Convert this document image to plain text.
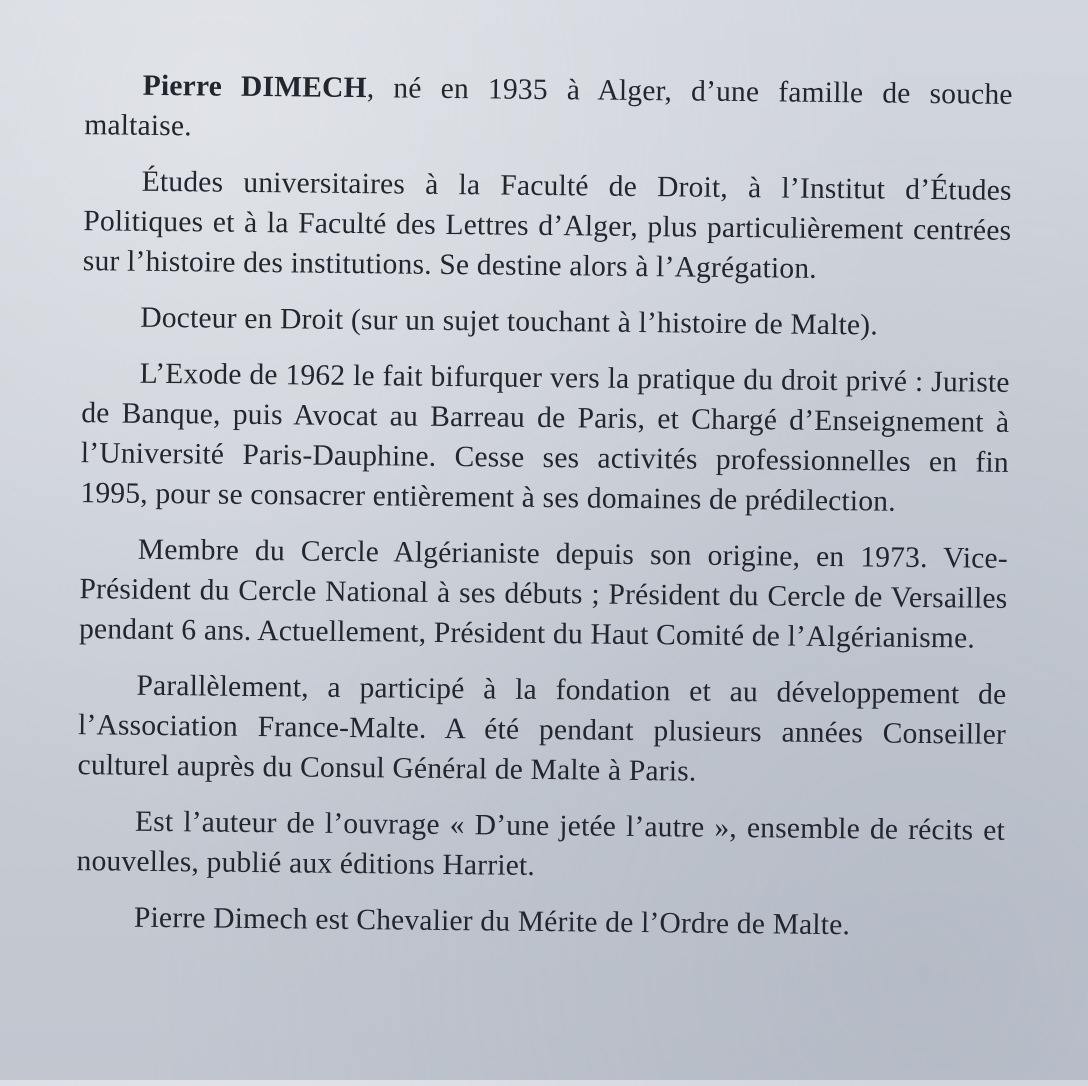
Pierre DIMECH, né en 1935 à Alger, d’une famille de souche maltaise.

Études universitaires à la Faculté de Droit, à l’Institut d’Études Politiques et à la Faculté des Lettres d’Alger, plus particulièrement centrées sur l’histoire des institutions. Se destine alors à l’Agrégation.

Docteur en Droit (sur un sujet touchant à l’histoire de Malte).

L’Exode de 1962 le fait bifurquer vers la pratique du droit privé : Juriste de Banque, puis Avocat au Barreau de Paris, et Chargé d’Enseignement à l’Université Paris-Dauphine. Cesse ses activités professionnelles en fin 1995, pour se consacrer entièrement à ses domaines de prédilection.

Membre du Cercle Algérianiste depuis son origine, en 1973. Vice-Président du Cercle National à ses débuts ; Président du Cercle de Versailles pendant 6 ans. Actuellement, Président du Haut Comité de l’Algérianisme.

Parallèlement, a participé à la fondation et au développement de l’Association France-Malte. A été pendant plusieurs années Conseiller culturel auprès du Consul Général de Malte à Paris.

Est l’auteur de l’ouvrage « D’une jetée l’autre », ensemble de récits et nouvelles, publié aux éditions Harriet.

Pierre Dimech est Chevalier du Mérite de l’Ordre de Malte.
